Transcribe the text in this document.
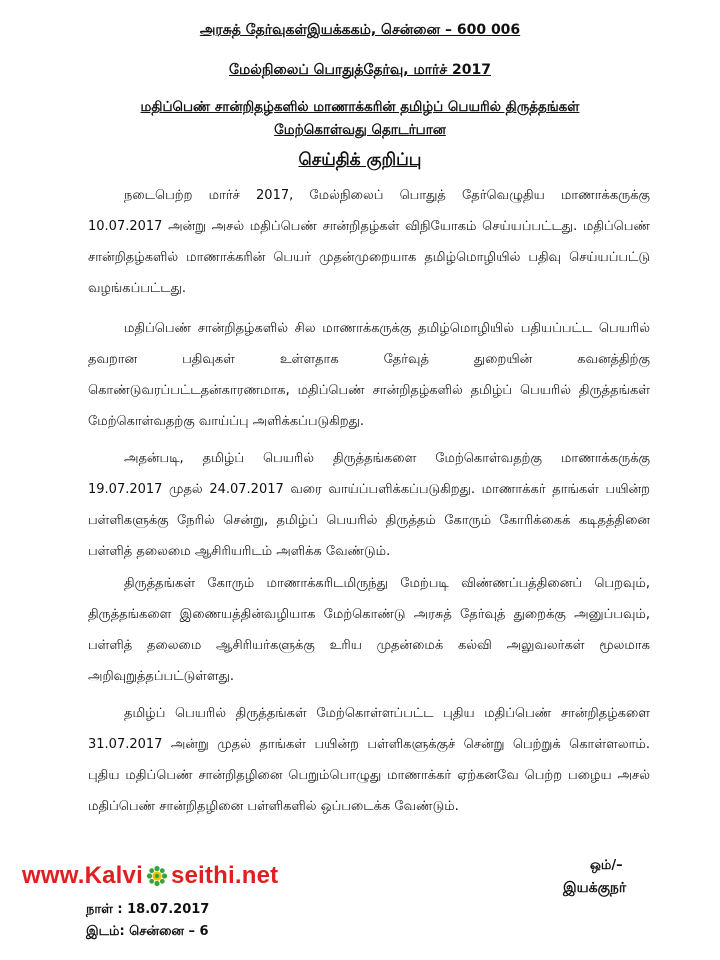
அரசுத் தேர்வுகள்இயக்ககம், சென்னை – 600 006
மேல்நிலைப் பொதுத்தேர்வு, மார்ச் 2017
மதிப்பெண் சான்றிதழ்களில் மாணாக்கரின் தமிழ்ப் பெயரில் திருத்தங்கள்
மேற்கொள்வது தொடர்பான
செய்திக் குறிப்பு

நடைபெற்ற மார்ச் 2017, மேல்நிலைப் பொதுத் தேர்வெழுதிய மாணாக்கருக்கு 10.07.2017 அன்று அசல் மதிப்பெண் சான்றிதழ்கள் விநியோகம் செய்யப்பட்டது. மதிப்பெண் சான்றிதழ்களில் மாணாக்கரின் பெயர் முதன்முறையாக தமிழ்மொழியில் பதிவு செய்யப்பட்டு வழங்கப்பட்டது.

மதிப்பெண் சான்றிதழ்களில் சில மாணாக்கருக்கு தமிழ்மொழியில் பதியப்பட்ட பெயரில் தவறான பதிவுகள் உள்ளதாக தேர்வுத் துறையின் கவனத்திற்கு கொண்டுவரப்பட்டதன்காரணமாக, மதிப்பெண் சான்றிதழ்களில் தமிழ்ப் பெயரில் திருத்தங்கள் மேற்கொள்வதற்கு வாய்ப்பு அளிக்கப்படுகிறது.

அதன்படி, தமிழ்ப் பெயரில் திருத்தங்களை மேற்கொள்வதற்கு மாணாக்கருக்கு 19.07.2017 முதல் 24.07.2017 வரை வாய்ப்பளிக்கப்படுகிறது. மாணாக்கர் தாங்கள் பயின்ற பள்ளிகளுக்கு நேரில் சென்று, தமிழ்ப் பெயரில் திருத்தம் கோரும் கோரிக்கைக் கடிதத்தினை பள்ளித் தலைமை ஆசிரியரிடம் அளிக்க வேண்டும்.

திருத்தங்கள் கோரும் மாணாக்கரிடமிருந்து மேற்படி விண்ணப்பத்தினைப் பெறவும், திருத்தங்களை இணையத்தின்வழியாக மேற்கொண்டு அரசுத் தேர்வுத் துறைக்கு அனுப்பவும், பள்ளித் தலைமை ஆசிரியர்களுக்கு உரிய முதன்மைக் கல்வி அலுவலர்கள் மூலமாக அறிவுறுத்தப்பட்டுள்ளது.

தமிழ்ப் பெயரில் திருத்தங்கள் மேற்கொள்ளப்பட்ட புதிய மதிப்பெண் சான்றிதழ்களை 31.07.2017 அன்று முதல் தாங்கள் பயின்ற பள்ளிகளுக்குச் சென்று பெற்றுக் கொள்ளலாம். புதிய மதிப்பெண் சான்றிதழினை பெறும்பொழுது மாணாக்கர் ஏற்கனவே பெற்ற பழைய அசல் மதிப்பெண் சான்றிதழினை பள்ளிகளில் ஒப்படைக்க வேண்டும்.

www.Kalvi seithi.net	ஒம்/–
இயக்குநர்
நாள் : 18.07.2017
இடம்: சென்னை – 6
